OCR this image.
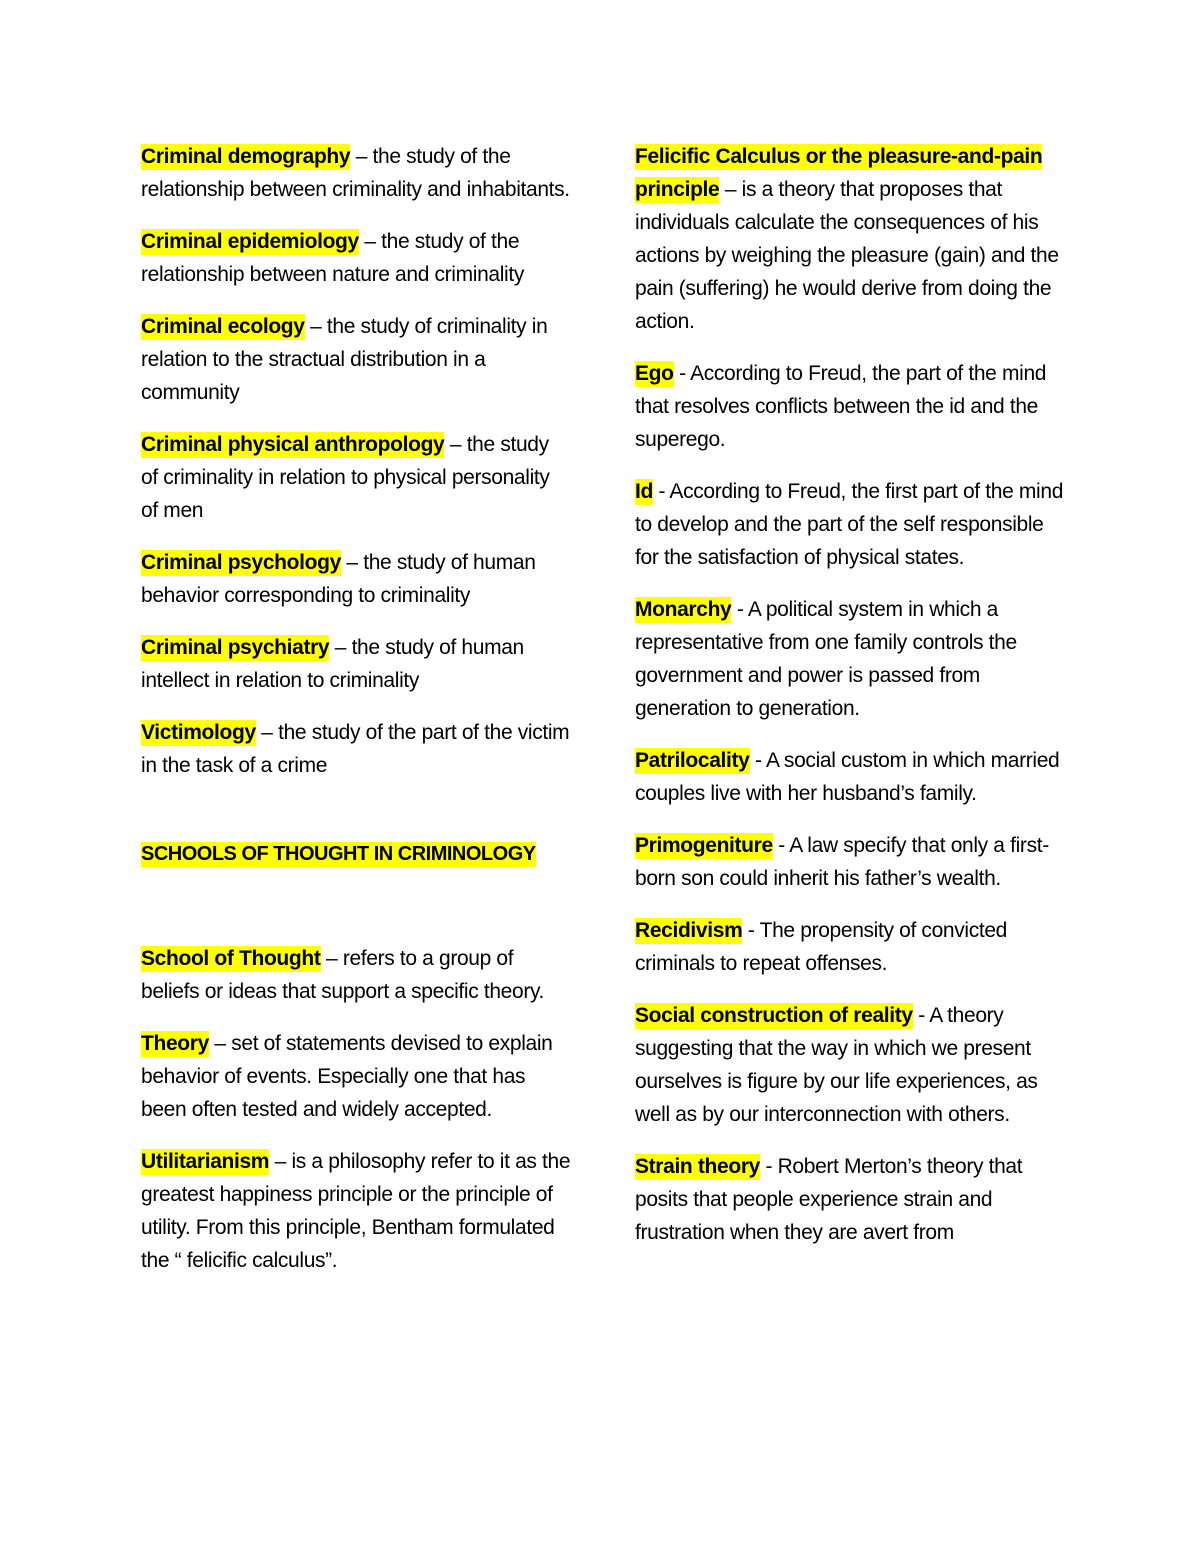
Criminal demography – the study of the relationship between criminality and inhabitants.

Criminal epidemiology – the study of the relationship between nature and criminality

Criminal ecology – the study of criminality in relation to the stractual distribution in a community

Criminal physical anthropology – the study of criminality in relation to physical personality of men

Criminal psychology – the study of human behavior corresponding to criminality

Criminal psychiatry – the study of human intellect in relation to criminality

Victimology – the study of the part of the victim in the task of a crime

SCHOOLS OF THOUGHT IN CRIMINOLOGY

School of Thought – refers to a group of beliefs or ideas that support a specific theory.

Theory – set of statements devised to explain behavior of events. Especially one that has been often tested and widely accepted.

Utilitarianism – is a philosophy refer to it as the greatest happiness principle or the principle of utility. From this principle, Bentham formulated the “ felicific calculus”.

Felicific Calculus or the pleasure-and-pain principle – is a theory that proposes that individuals calculate the consequences of his actions by weighing the pleasure (gain) and the pain (suffering) he would derive from doing the action.

Ego - According to Freud, the part of the mind that resolves conflicts between the id and the superego.

Id - According to Freud, the first part of the mind to develop and the part of the self responsible for the satisfaction of physical states.

Monarchy - A political system in which a representative from one family controls the government and power is passed from generation to generation.

Patrilocality - A social custom in which married couples live with her husband’s family.

Primogeniture - A law specify that only a first-born son could inherit his father’s wealth.

Recidivism - The propensity of convicted criminals to repeat offenses.

Social construction of reality - A theory suggesting that the way in which we present ourselves is figure by our life experiences, as well as by our interconnection with others.

Strain theory - Robert Merton’s theory that posits that people experience strain and frustration when they are avert from
